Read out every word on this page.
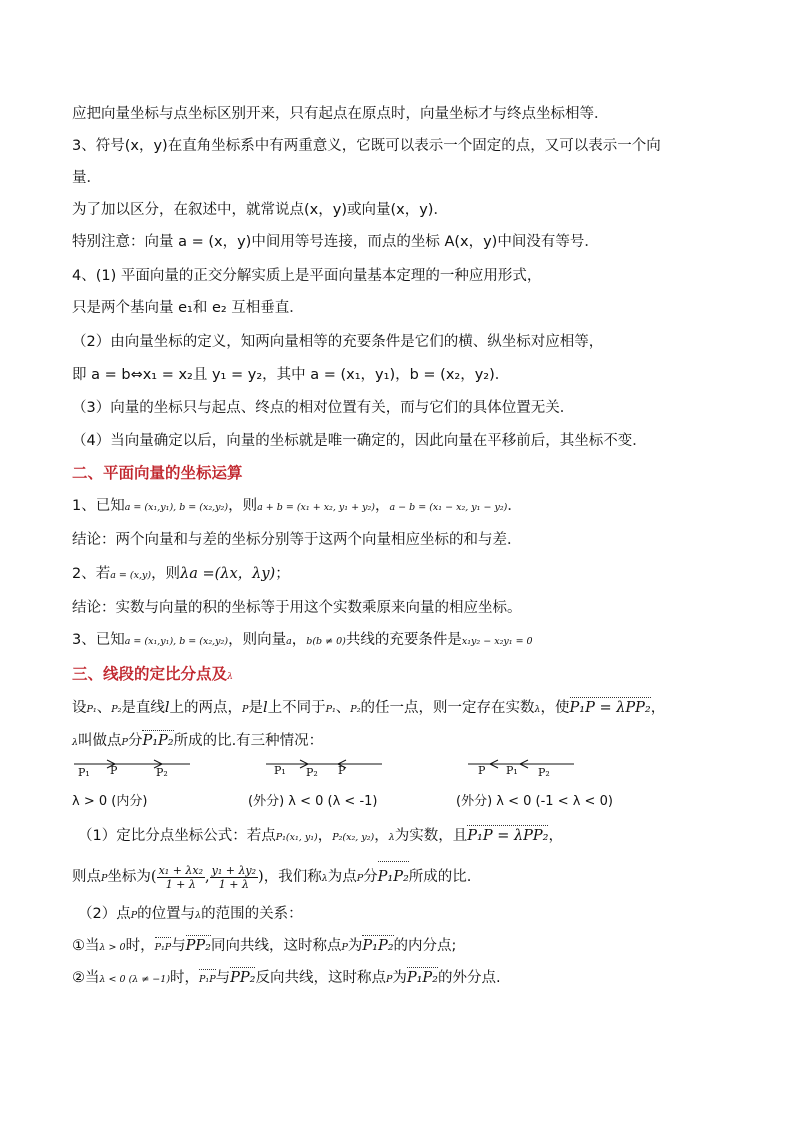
应把向量坐标与点坐标区别开来，只有起点在原点时，向量坐标才与终点坐标相等．
3、符号(x，y)在直角坐标系中有两重意义，它既可以表示一个固定的点，又可以表示一个向
量．
为了加以区分，在叙述中，就常说点(x，y)或向量(x，y)．
特别注意：向量 a = (x，y)中间用等号连接，而点的坐标 A(x，y)中间没有等号．
4、(1) 平面向量的正交分解实质上是平面向量基本定理的一种应用形式，
只是两个基向量 e₁和 e₂ 互相垂直．
（2）由向量坐标的定义，知两向量相等的充要条件是它们的横、纵坐标对应相等，
即 a = b⇔x₁ = x₂且 y₁ = y₂，其中 a = (x₁，y₁)，b = (x₂，y₂)．
（3）向量的坐标只与起点、终点的相对位置有关，而与它们的具体位置无关．
（4）当向量确定以后，向量的坐标就是唯一确定的，因此向量在平移前后，其坐标不变．
二、平面向量的坐标运算
1、已知a = (x₁,y₁), b = (x₂,y₂)，则a + b = (x₁ + x₂, y₁ + y₂)，a − b = (x₁ − x₂, y₁ − y₂)．
结论：两个向量和与差的坐标分别等于这两个向量相应坐标的和与差．
2、若a = (x,y)，则λa =(λx，λy)；
结论：实数与向量的积的坐标等于用这个实数乘原来向量的相应坐标。
3、已知a = (x₁,y₁), b = (x₂,y₂)，则向量a，b(b ≠ 0)共线的充要条件是x₁y₂ − x₂y₁ = 0
三、线段的定比分点及λ
设P₁、P₂是直线l上的两点，P是l上不同于P₁、P₂的任一点，则一定存在实数λ，使P₁P = λPP₂，
λ叫做点P分P₁P₂所成的比.有三种情况：
P₁ P	P₂	P₁ P₂ P	P P₁ P₂
λ > 0 (内分)	(外分) λ < 0 (λ < -1)	(外分) λ < 0 (-1 < λ < 0)
（1）定比分点坐标公式：若点P₁(x₁, y₁)，P₂(x₂, y₂)，λ为实数，且P₁P = λPP₂，
则点P坐标为( $\frac{\text{x₁ + λx₂}}{1 + \lambda}$ , $\frac{\text{y₁ + λy₂}}{1 + \lambda}$ )，我们称λ为点P分P₁P₂所成的比.
（2）点P的位置与λ的范围的关系：
①当λ > 0时，P₁P与PP₂同向共线，这时称点P为P₁P₂的内分点;
②当λ < 0 (λ ≠ −1)时，P₁P与PP₂反向共线，这时称点P为P₁P₂的外分点.
